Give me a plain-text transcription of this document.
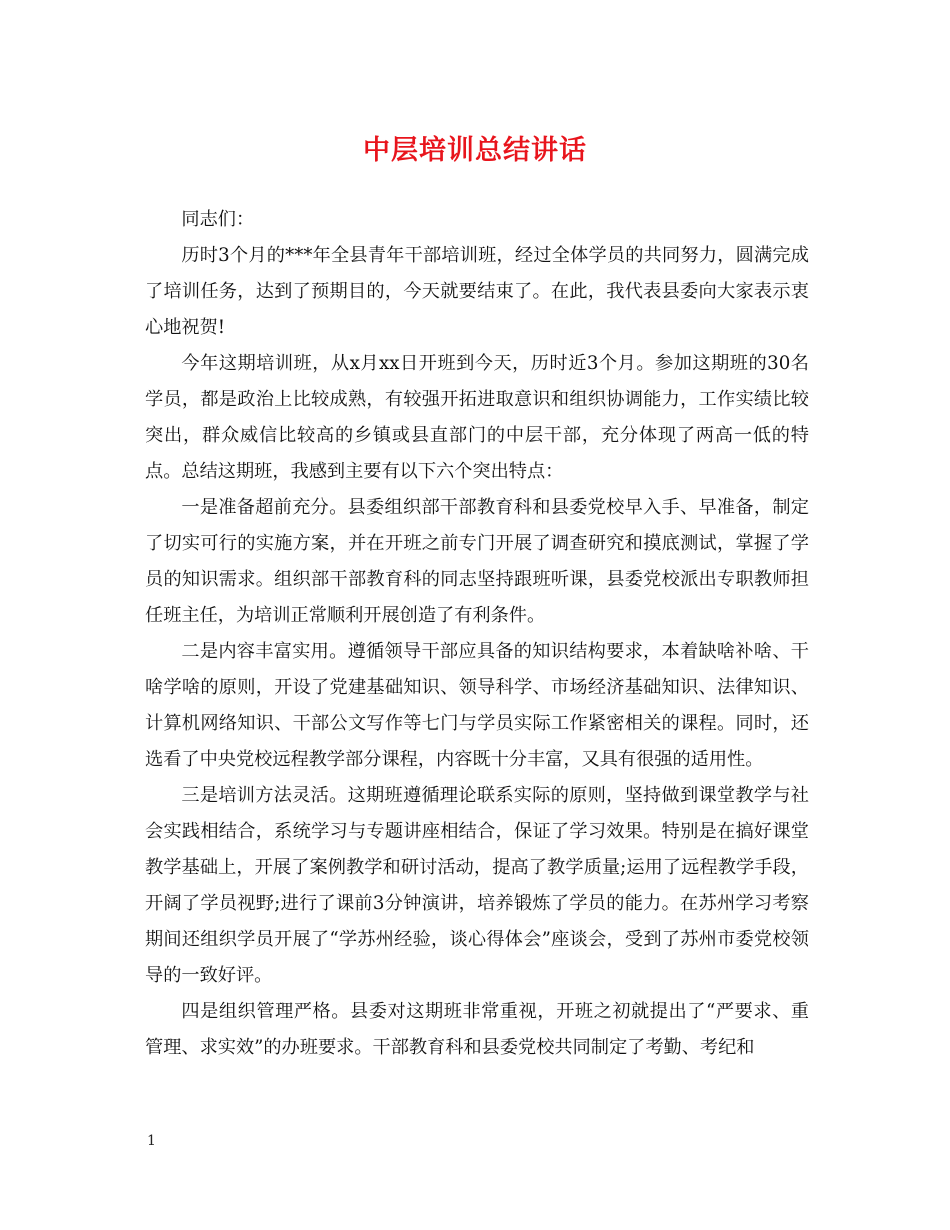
中层培训总结讲话

同志们：

历时3个月的***年全县青年干部培训班，经过全体学员的共同努力，圆满完成了培训任务，达到了预期目的，今天就要结束了。在此，我代表县委向大家表示衷心地祝贺!

今年这期培训班，从x月xx日开班到今天，历时近3个月。参加这期班的30名学员，都是政治上比较成熟，有较强开拓进取意识和组织协调能力，工作实绩比较突出，群众威信比较高的乡镇或县直部门的中层干部，充分体现了两高一低的特点。总结这期班，我感到主要有以下六个突出特点：

一是准备超前充分。县委组织部干部教育科和县委党校早入手、早准备，制定了切实可行的实施方案，并在开班之前专门开展了调查研究和摸底测试，掌握了学员的知识需求。组织部干部教育科的同志坚持跟班听课，县委党校派出专职教师担任班主任，为培训正常顺利开展创造了有利条件。

二是内容丰富实用。遵循领导干部应具备的知识结构要求，本着缺啥补啥、干啥学啥的原则，开设了党建基础知识、领导科学、市场经济基础知识、法律知识、计算机网络知识、干部公文写作等七门与学员实际工作紧密相关的课程。同时，还选看了中央党校远程教学部分课程，内容既十分丰富，又具有很强的适用性。

三是培训方法灵活。这期班遵循理论联系实际的原则，坚持做到课堂教学与社会实践相结合，系统学习与专题讲座相结合，保证了学习效果。特别是在搞好课堂教学基础上，开展了案例教学和研讨活动，提高了教学质量;运用了远程教学手段，开阔了学员视野;进行了课前3分钟演讲，培养锻炼了学员的能力。在苏州学习考察期间还组织学员开展了“学苏州经验，谈心得体会”座谈会，受到了苏州市委党校领导的一致好评。

四是组织管理严格。县委对这期班非常重视，开班之初就提出了“严要求、重管理、求实效”的办班要求。干部教育科和县委党校共同制定了考勤、考纪和

1
